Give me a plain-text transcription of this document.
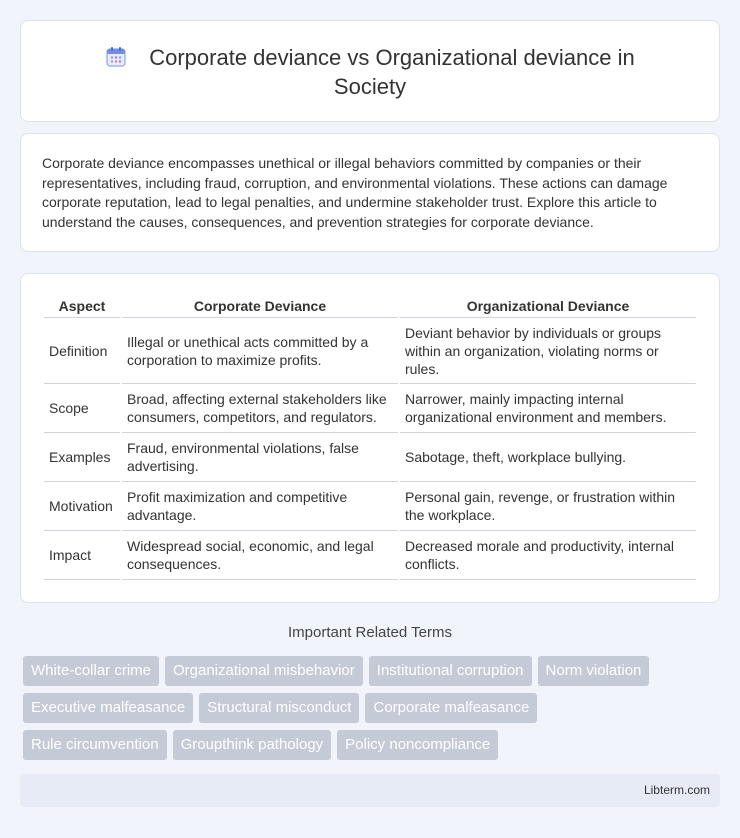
Corporate deviance vs Organizational deviance in Society

Corporate deviance encompasses unethical or illegal behaviors committed by companies or their representatives, including fraud, corruption, and environmental violations. These actions can damage corporate reputation, lead to legal penalties, and undermine stakeholder trust. Explore this article to understand the causes, consequences, and prevention strategies for corporate deviance.

Aspect	Corporate Deviance	Organizational Deviance
Definition	Illegal or unethical acts committed by a corporation to maximize profits.	Deviant behavior by individuals or groups within an organization, violating norms or rules.
Scope	Broad, affecting external stakeholders like consumers, competitors, and regulators.	Narrower, mainly impacting internal organizational environment and members.
Examples	Fraud, environmental violations, false advertising.	Sabotage, theft, workplace bullying.
Motivation	Profit maximization and competitive advantage.	Personal gain, revenge, or frustration within the workplace.
Impact	Widespread social, economic, and legal consequences.	Decreased morale and productivity, internal conflicts.
Important Related Terms
White-collar crime	Organizational misbehavior	Institutional corruption	Norm violation
Executive malfeasance	Structural misconduct	Corporate malfeasance
Rule circumvention	Groupthink pathology	Policy noncompliance
Libterm.com
